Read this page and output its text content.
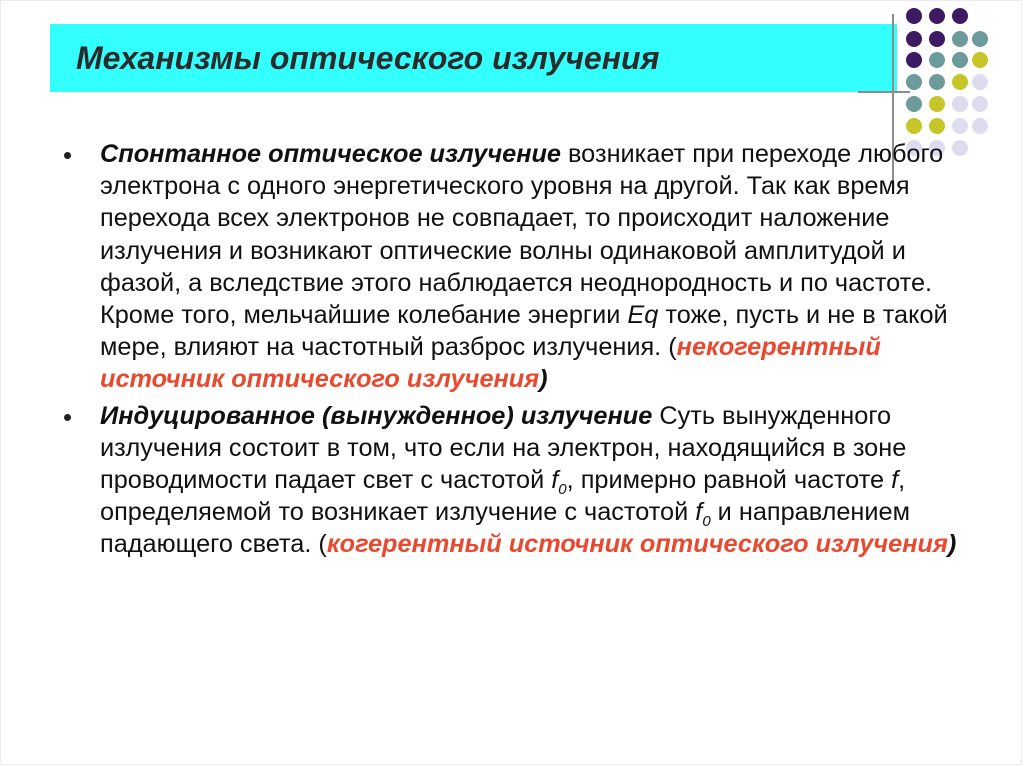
Механизмы оптического излучения
Спонтанное оптическое излучение возникает при переходе любого электрона с одного энергетического уровня на другой. Так как время перехода всех электронов не совпадает, то происходит наложение излучения и возникают оптические волны одинаковой амплитудой и фазой, а вследствие этого наблюдается неоднородность и по частоте. Кроме того, мельчайшие колебание энергии Eq тоже, пусть и не в такой мере, влияют на частотный разброс излучения. (некогерентный источник оптического излучения)
Индуцированное (вынужденное) излучение Суть вынужденного излучения состоит в том, что если на электрон, находящийся в зоне проводимости падает свет с частотой $f_0$, примерно равной частоте f, определяемой то возникает излучение с частотой $f_0$ и направлением падающего света. (когерентный источник оптического излучения)
